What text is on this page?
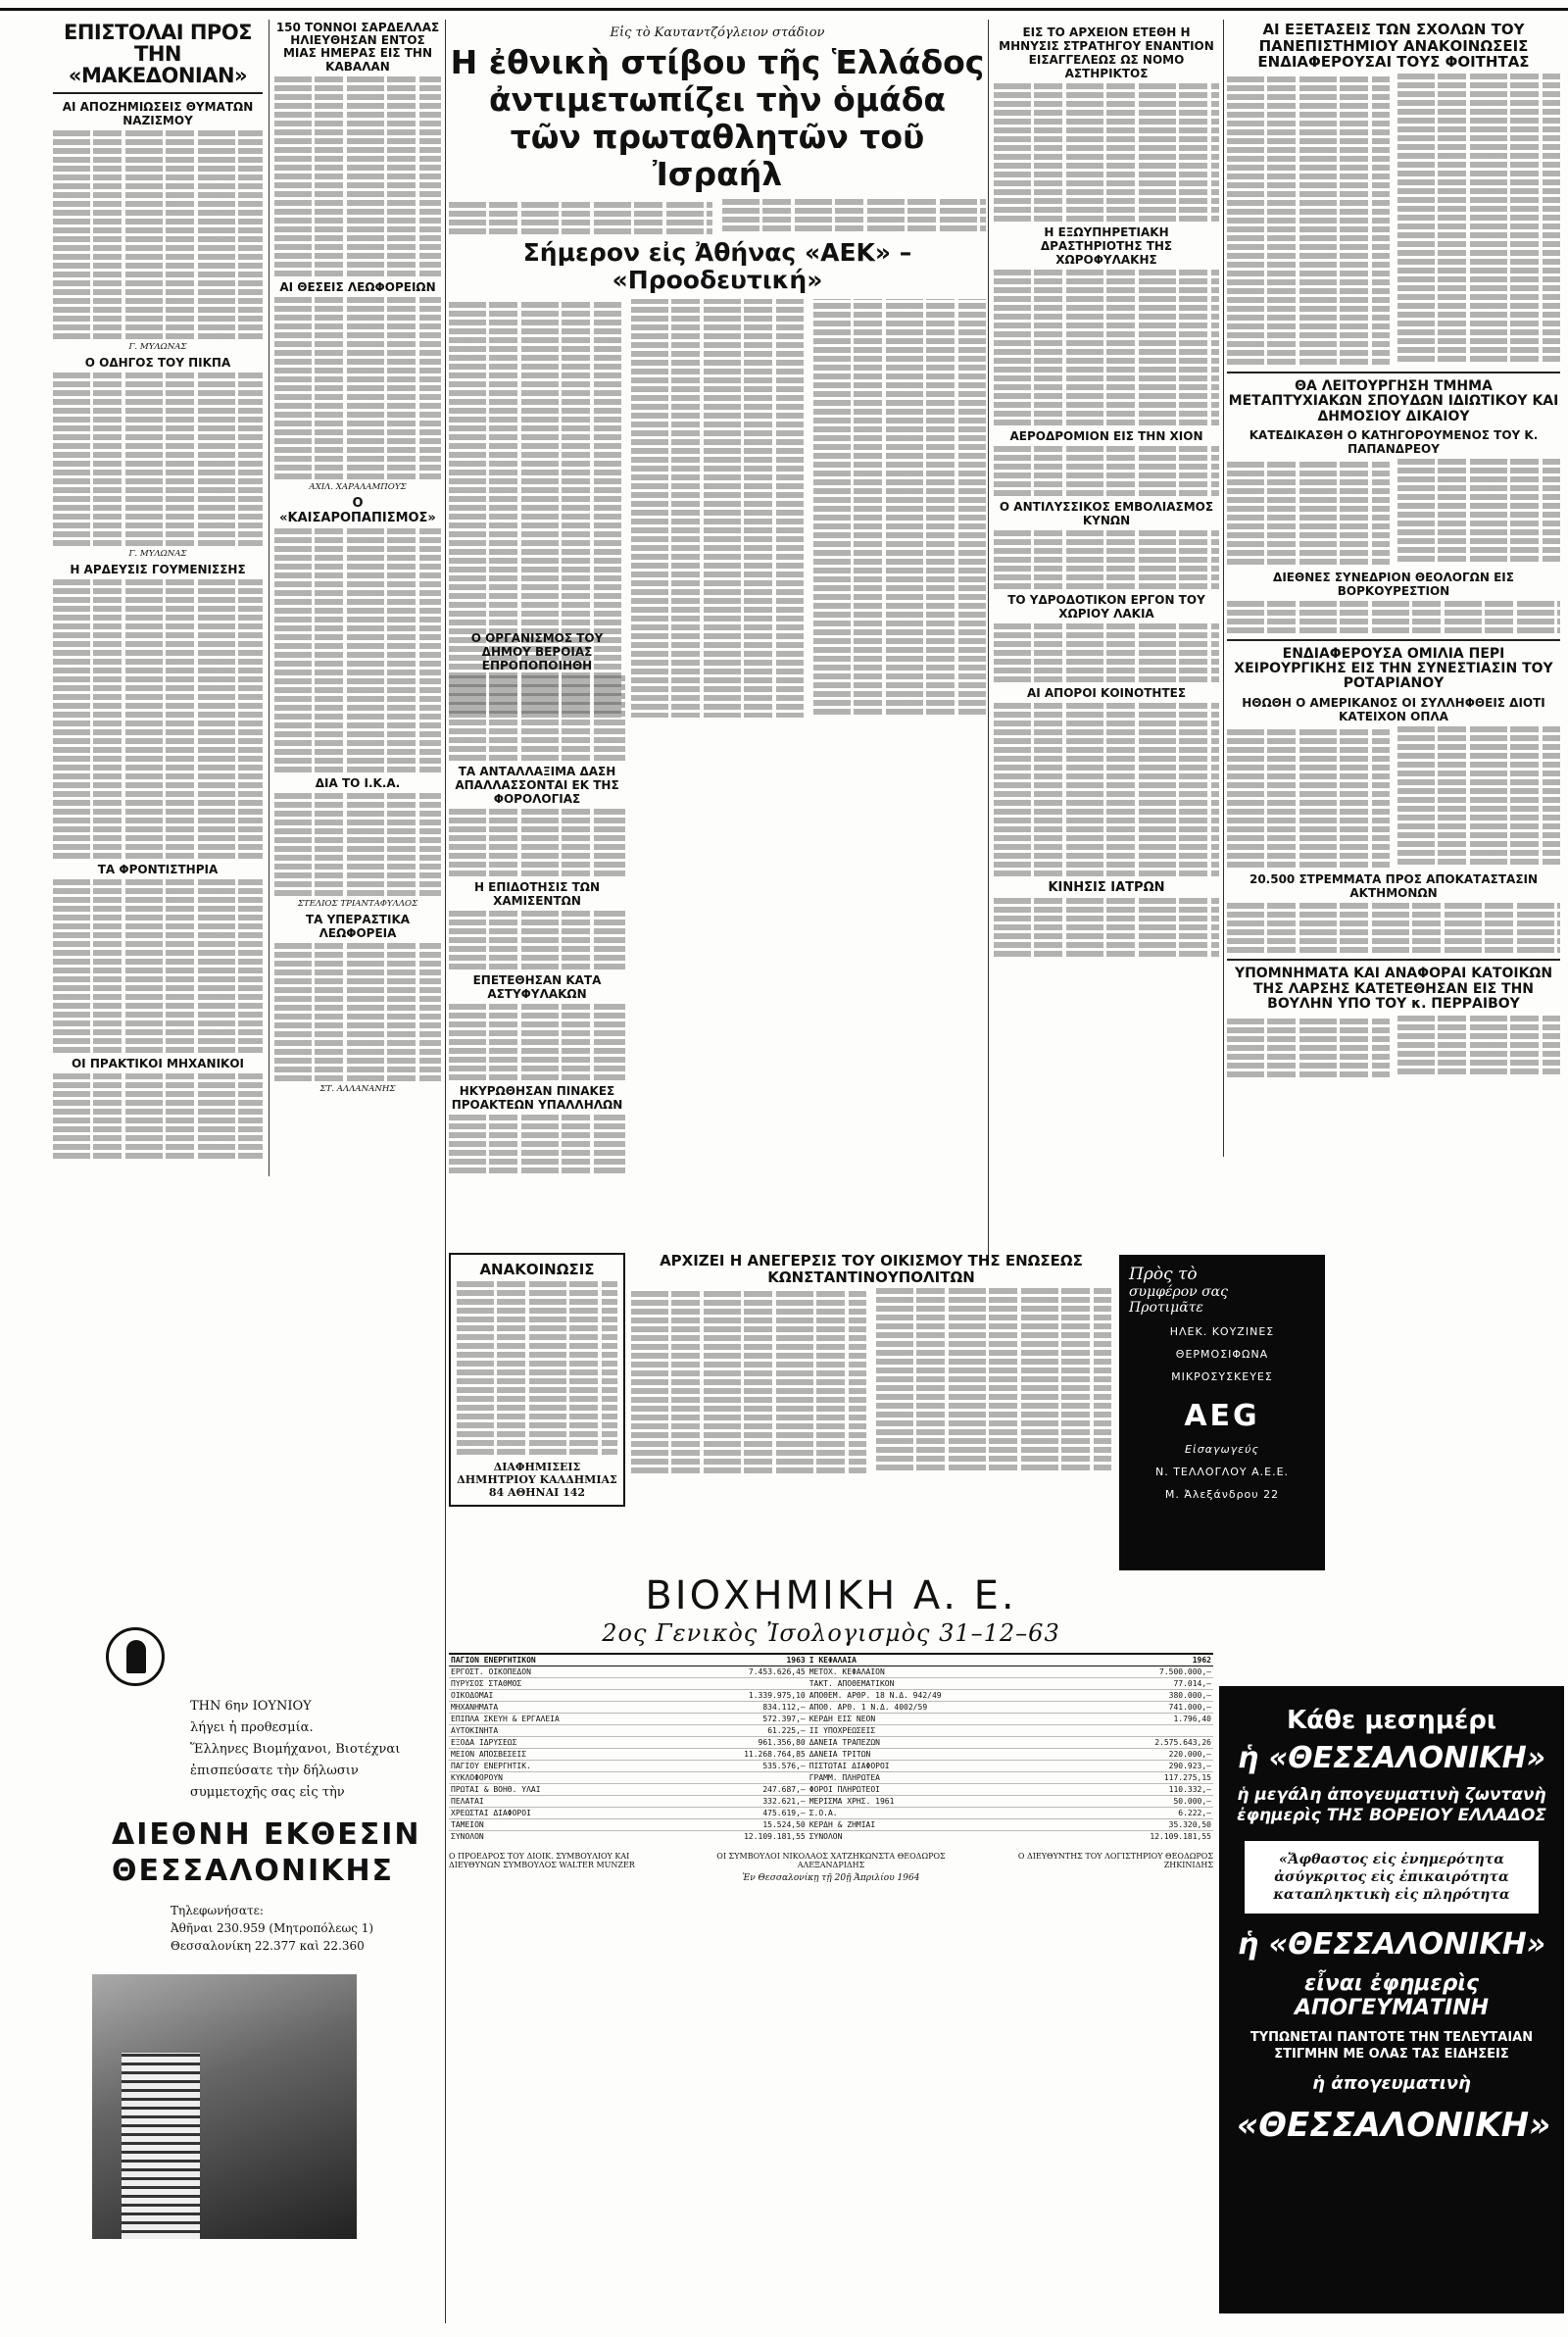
ΕΠΙΣΤΟΛΑΙ ΠΡΟΣ ΤΗΝ «ΜΑΚΕΔΟΝΙΑΝ»
ΑΙ ΑΠΟΖΗΜΙΩΣΕΙΣ ΘΥΜΑΤΩΝ ΝΑΖΙΣΜΟΥ
Γ. ΜΥΛΩΝΑΣ
Ο ΟΔΗΓΟΣ ΤΟΥ ΠΙΚΠΑ
Γ. ΜΥΛΩΝΑΣ
Η ΑΡΔΕΥΣΙΣ ΓΟΥΜΕΝΙΣΣΗΣ
ΤΑ ΦΡΟΝΤΙΣΤΗΡΙΑ
ΟΙ ΠΡΑΚΤΙΚΟΙ ΜΗΧΑΝΙΚΟΙ
150 ΤΟΝΝΟΙ ΣΑΡΔΕΛΛΑΣ ΗΛΙΕΥΘΗΣΑΝ ΕΝΤΟΣ ΜΙΑΣ ΗΜΕΡΑΣ ΕΙΣ ΤΗΝ ΚΑΒΑΛΑΝ
ΑΙ ΘΕΣΕΙΣ ΛΕΩΦΟΡΕΙΩΝ
ΑΧΙΛ. ΧΑΡΑΛΑΜΠΟΥΣ
Ο «ΚΑΙΣΑΡΟΠΑΠΙΣΜΟΣ»
ΔΙΑ ΤΟ Ι.Κ.Α.
ΣΤΕΛΙΟΣ ΤΡΙΑΝΤΑΦΥΛΛΟΣ
ΤΑ ΥΠΕΡΑΣΤΙΚΑ ΛΕΩΦΟΡΕΙΑ
ΣΤ. ΑΛΛΑΝΑΝΗΣ
Εἰς τὸ Καυταντζόγλειον στάδιον
Η ἐθνικὴ στίβου τῆς Ἑλλάδος ἀντιμετωπίζει τὴν ὁμάδα τῶν πρωταθλητῶν τοῦ Ἰσραήλ
Σήμερον εἰς Ἀθήνας «ΑΕΚ» – «Προοδευτική»
Ο ΟΡΓΑΝΙΣΜΟΣ ΤΟΥ ΔΗΜΟΥ ΒΕΡΟΙΑΣ ΕΠΡΟΠΟΠΟΙΗΘΗ
ΤΑ ΑΝΤΑΛΛΑΞΙΜΑ ΔΑΣΗ ΑΠΑΛΛΑΣΣΟΝΤΑΙ ΕΚ ΤΗΣ ΦΟΡΟΛΟΓΙΑΣ
Η ΕΠΙΔΟΤΗΣΙΣ ΤΩΝ ΧΑΜΙΣΕΝΤΩΝ
ΕΠΕΤΕΘΗΣΑΝ ΚΑΤΑ ΑΣΤΥΦΥΛΑΚΩΝ
ΗΚΥΡΩΘΗΣΑΝ ΠΙΝΑΚΕΣ ΠΡΟΑΚΤΕΩΝ ΥΠΑΛΛΗΛΩΝ
ΕΙΣ ΤΟ ΑΡΧΕΙΟΝ ΕΤΕΘΗ Η ΜΗΝΥΣΙΣ ΣΤΡΑΤΗΓΟΥ ΕΝΑΝΤΙΟΝ ΕΙΣΑΓΓΕΛΕΩΣ ΩΣ ΝΟΜΟ ΑΣΤΗΡΙΚΤΟΣ
Η ΕΞΩΥΠΗΡΕΤΙΑΚΗ ΔΡΑΣΤΗΡΙΟΤΗΣ ΤΗΣ ΧΩΡΟΦΥΛΑΚΗΣ
ΑΕΡΟΔΡΟΜΙΟΝ ΕΙΣ ΤΗΝ ΧΙΟΝ
Ο ΑΝΤΙΛΥΣΣΙΚΟΣ ΕΜΒΟΛΙΑΣΜΟΣ ΚΥΝΩΝ
ΤΟ ΥΔΡΟΔΟΤΙΚΟΝ ΕΡΓΟΝ ΤΟΥ ΧΩΡΙΟΥ ΛΑΚΙΑ
ΑΙ ΑΠΟΡΟΙ ΚΟΙΝΟΤΗΤΕΣ
ΚΙΝΗΣΙΣ ΙΑΤΡΩΝ
ΑΙ ΕΞΕΤΑΣΕΙΣ ΤΩΝ ΣΧΟΛΩΝ ΤΟΥ ΠΑΝΕΠΙΣΤΗΜΙΟΥ ΑΝΑΚΟΙΝΩΣΕΙΣ ΕΝΔΙΑΦΕΡΟΥΣΑΙ ΤΟΥΣ ΦΟΙΤΗΤΑΣ
ΘΑ ΛΕΙΤΟΥΡΓΗΣΗ ΤΜΗΜΑ ΜΕΤΑΠΤΥΧΙΑΚΩΝ ΣΠΟΥΔΩΝ ΙΔΙΩΤΙΚΟΥ ΚΑΙ ΔΗΜΟΣΙΟΥ ΔΙΚΑΙΟΥ
ΚΑΤΕΔΙΚΑΣΘΗ Ο ΚΑΤΗΓΟΡΟΥΜΕΝΟΣ ΤΟΥ Κ. ΠΑΠΑΝΔΡΕΟΥ
ΔΙΕΘΝΕΣ ΣΥΝΕΔΡΙΟΝ ΘΕΟΛΟΓΩΝ ΕΙΣ ΒΟΡΚΟΥΡΕΣΤΙΟΝ
ΕΝΔΙΑΦΕΡΟΥΣΑ ΟΜΙΛΙΑ ΠΕΡΙ ΧΕΙΡΟΥΡΓΙΚΗΣ ΕΙΣ ΤΗΝ ΣΥΝΕΣΤΙΑΣΙΝ ΤΟΥ ΡΟΤΑΡΙΑΝΟΥ
ΗΘΩΘΗ Ο ΑΜΕΡΙΚΑΝΟΣ ΟΙ ΣΥΛΛΗΦΘΕΙΣ ΔΙΟΤΙ ΚΑΤΕΙΧΟΝ ΟΠΛΑ
20.500 ΣΤΡΕΜΜΑΤΑ ΠΡΟΣ ΑΠΟΚΑΤΑΣΤΑΣΙΝ ΑΚΤΗΜΟΝΩΝ
ΥΠΟΜΝΗΜΑΤΑ ΚΑΙ ΑΝΑΦΟΡΑΙ ΚΑΤΟΙΚΩΝ ΤΗΣ ΛΑΡΣΗΣ ΚΑΤΕΤΕΘΗΣΑΝ ΕΙΣ ΤΗΝ ΒΟΥΛΗΝ ΥΠΟ ΤΟΥ κ. ΠΕΡΡΑΙΒΟΥ
ΑΝΑΚΟΙΝΩΣΙΣ
ΔΙΑΦΗΜΙΣΕΙΣ ΔΗΜΗΤΡΙΟΥ ΚΑΛΔΗΜΙΑΣ 84 ΑΘΗΝΑΙ 142
ΑΡΧΙΖΕΙ Η ΑΝΕΓΕΡΣΙΣ ΤΟΥ ΟΙΚΙΣΜΟΥ ΤΗΣ ΕΝΩΣΕΩΣ ΚΩΝΣΤΑΝΤΙΝΟΥΠΟΛΙΤΩΝ	Πρὸς τὸ
συμφέρον σας
Προτιμᾶτε
ΗΛΕΚ. ΚΟΥΖΙΝΕΣ
ΘΕΡΜΟΣΙΦΩΝΑ
ΜΙΚΡΟΣΥΣΚΕΥΕΣ
AEG
Εἰσαγωγεύς
Ν. ΤΕΛΛΟΓΛΟΥ Α.Ε.Ε.
Μ. Ἀλεξάνδρου 22
ΒΙΟΧΗΜΙΚΗ Α. Ε.
2ος Γενικὸς Ἰσολογισμὸς 31–12–63
ΠΑΓΙΟΝ ΕΝΕΡΓΗΤΙΚΟΝ	1963	Ι ΚΕΦΑΛΑΙΑ	1962
ΕΡΓΟΣΤ. ΟΙΚΟΠΕΔΟΝ	7.453.626,45	ΜΕΤΟΧ. ΚΕΦΑΛΑΙΟΝ	7.500.000,—
ΠΥΡΥΣΟΣ ΣΤΑΘΜΟΣ		ΤΑΚΤ. ΑΠΟΘΕΜΑΤΙΚΟΝ	77.014,—
ΟΙΚΟΔΟΜΑΙ	1.339.975,10	ΑΠΟΘΕΜ. ΑΡΘΡ. 18 Ν.Δ. 942/49	380.000,—
ΜΗΧΑΝΗΜΑΤΑ	834.112,—	ΑΠΟΘ. ΑΡΘ. 1 Ν.Δ. 4002/59	741.000,—
ΕΠΙΠΛΑ ΣΚΕΥΗ & ΕΡΓΑΛΕΙΑ	572.397,—	ΚΕΡΔΗ ΕΙΣ ΝΕΟΝ	1.796,40
ΑΥΤΟΚΙΝΗΤΑ	61.225,—	ΙΙ ΥΠΟΧΡΕΩΣΕΙΣ	
ΕΞΟΔΑ ΙΔΡΥΣΕΩΣ	961.356,80	ΔΑΝΕΙΑ ΤΡΑΠΕΖΩΝ	2.575.643,26
ΜΕΙΟΝ ΑΠΟΣΒΕΣΕΙΣ	11.268.764,85	ΔΑΝΕΙΑ ΤΡΙΤΩΝ	220.000,—
ΠΑΓΙΟΥ ΕΝΕΡΓΗΤΙΚ.	535.576,—	ΠΙΣΤΩΤΑΙ ΔΙΑΦΟΡΟΙ	290.923,—
ΚΥΚΛΟΦΟΡΟΥΝ		ΓΡΑΜΜ. ΠΛΗΡΩΤΕΑ	117.275,15
ΠΡΩΤΑΙ & ΒΟΗΘ. ΥΛΑΙ	247.687,—	ΦΟΡΟΙ ΠΛΗΡΩΤΕΟΙ	110.332,—
ΠΕΛΑΤΑΙ	332.621,—	ΜΕΡΙΣΜΑ ΧΡΗΣ. 1961	50.000,—
ΧΡΕΩΣΤΑΙ ΔΙΑΦΟΡΟΙ	475.619,—	Σ.Ο.Α.	6.222,—
ΤΑΜΕΙΟΝ	15.524,50	ΚΕΡΔΗ & ΖΗΜΙΑΙ	35.320,50
ΣΥΝΟΛΟΝ	12.109.181,55	ΣΥΝΟΛΟΝ	12.109.181,55
Ο ΠΡΟΕΔΡΟΣ ΤΟΥ ΔΙΟΙΚ. ΣΥΜΒΟΥΛΙΟΥ ΚΑΙ ΔΙΕΥΘΥΝΩΝ ΣΥΜΒΟΥΛΟΣ WALTER MUNZER
ΟΙ ΣΥΜΒΟΥΛΟΙ ΝΙΚΟΛΑΟΣ ΧΑΤΖΗΚΩΝΣΤΑ ΘΕΟΔΩΡΟΣ ΑΛΕΞΑΝΔΡΙΔΗΣ
Ο ΔΙΕΥΘΥΝΤΗΣ ΤΟΥ ΛΟΓΙΣΤΗΡΙΟΥ ΘΕΟΔΩΡΟΣ ΖΗΚΙΝΙΔΗΣ
Ἐν Θεσσαλονίκῃ τῇ 20ῇ Ἀπριλίου 1964
ΤΗΝ 6ην ΙΟΥΝΙΟΥ
λήγει ἡ προθεσμία.
Ἕλληνες Βιομήχανοι, Βιοτέχναι
ἐπισπεύσατε τὴν δήλωσιν
συμμετοχῆς σας εἰς τὴν
ΔΙΕΘΝΗ ΕΚΘΕΣΙΝ
ΘΕΣΣΑΛΟΝΙΚΗΣ
Τηλεφωνήσατε:
Ἀθῆναι 230.959 (Μητροπόλεως 1)
Θεσσαλονίκη 22.377 καὶ 22.360
Κάθε μεσημέρι
ἡ «ΘΕΣΣΑΛΟΝΙΚΗ»
ἡ μεγάλη ἀπογευματινὴ ζωντανὴ ἐφημερὶς ΤΗΣ ΒΟΡΕΙΟΥ ΕΛΛΑΔΟΣ
«Ἄφθαστος εἰς ἐνημερότητα ἀσύγκριτος εἰς ἐπικαιρότητα καταπληκτικὴ εἰς πληρότητα
ἡ «ΘΕΣΣΑΛΟΝΙΚΗ»
εἶναι ἐφημερὶς ΑΠΟΓΕΥΜΑΤΙΝΗ
ΤΥΠΩΝΕΤΑΙ ΠΑΝΤΟΤΕ ΤΗΝ ΤΕΛΕΥΤΑΙΑΝ ΣΤΙΓΜΗΝ ΜΕ ΟΛΑΣ ΤΑΣ ΕΙΔΗΣΕΙΣ
ἡ ἀπογευματινὴ
«ΘΕΣΣΑΛΟΝΙΚΗ»
